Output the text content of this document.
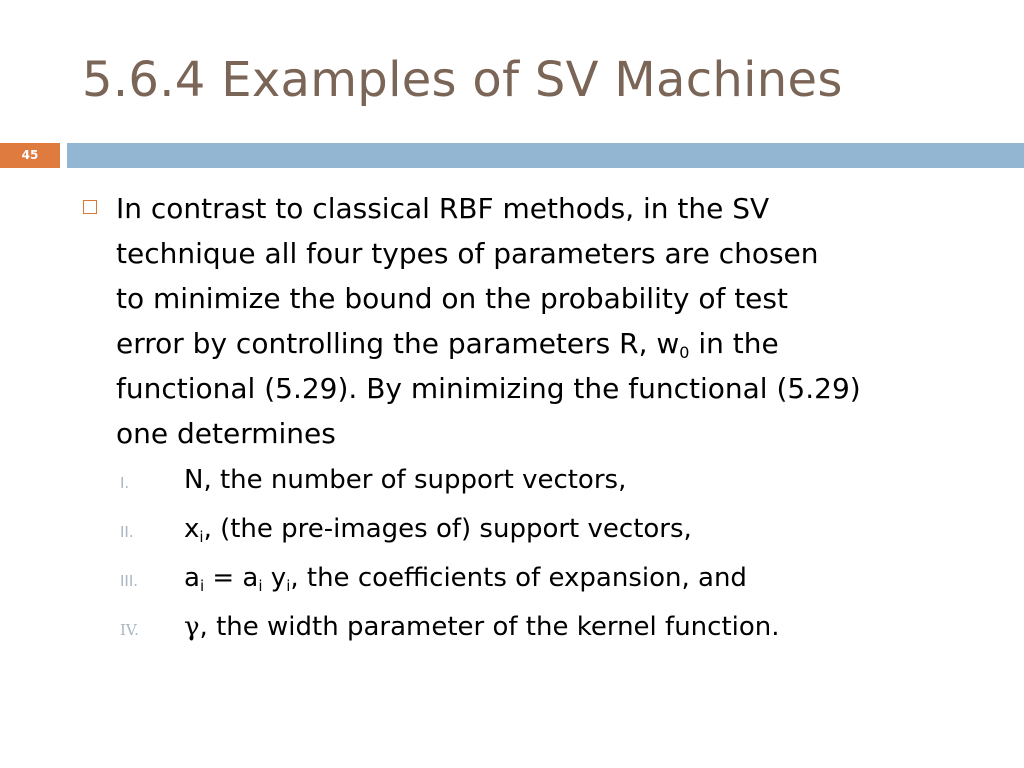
5.6.4 Examples of SV Machines
45
In contrast to classical RBF methods, in the SV
technique all four types of parameters are chosen
to minimize the bound on the probability of test
error by controlling the parameters R, $w_0$ in the
functional (5.29). By minimizing the functional (5.29)
one determines
I. N, the number of support vectors,
II. $x_i$, (the pre-images of) support vectors,
III. $a_i = a_i$ $y_i$, the coefficients of expansion, and
IV. γ, the width parameter of the kernel function.
